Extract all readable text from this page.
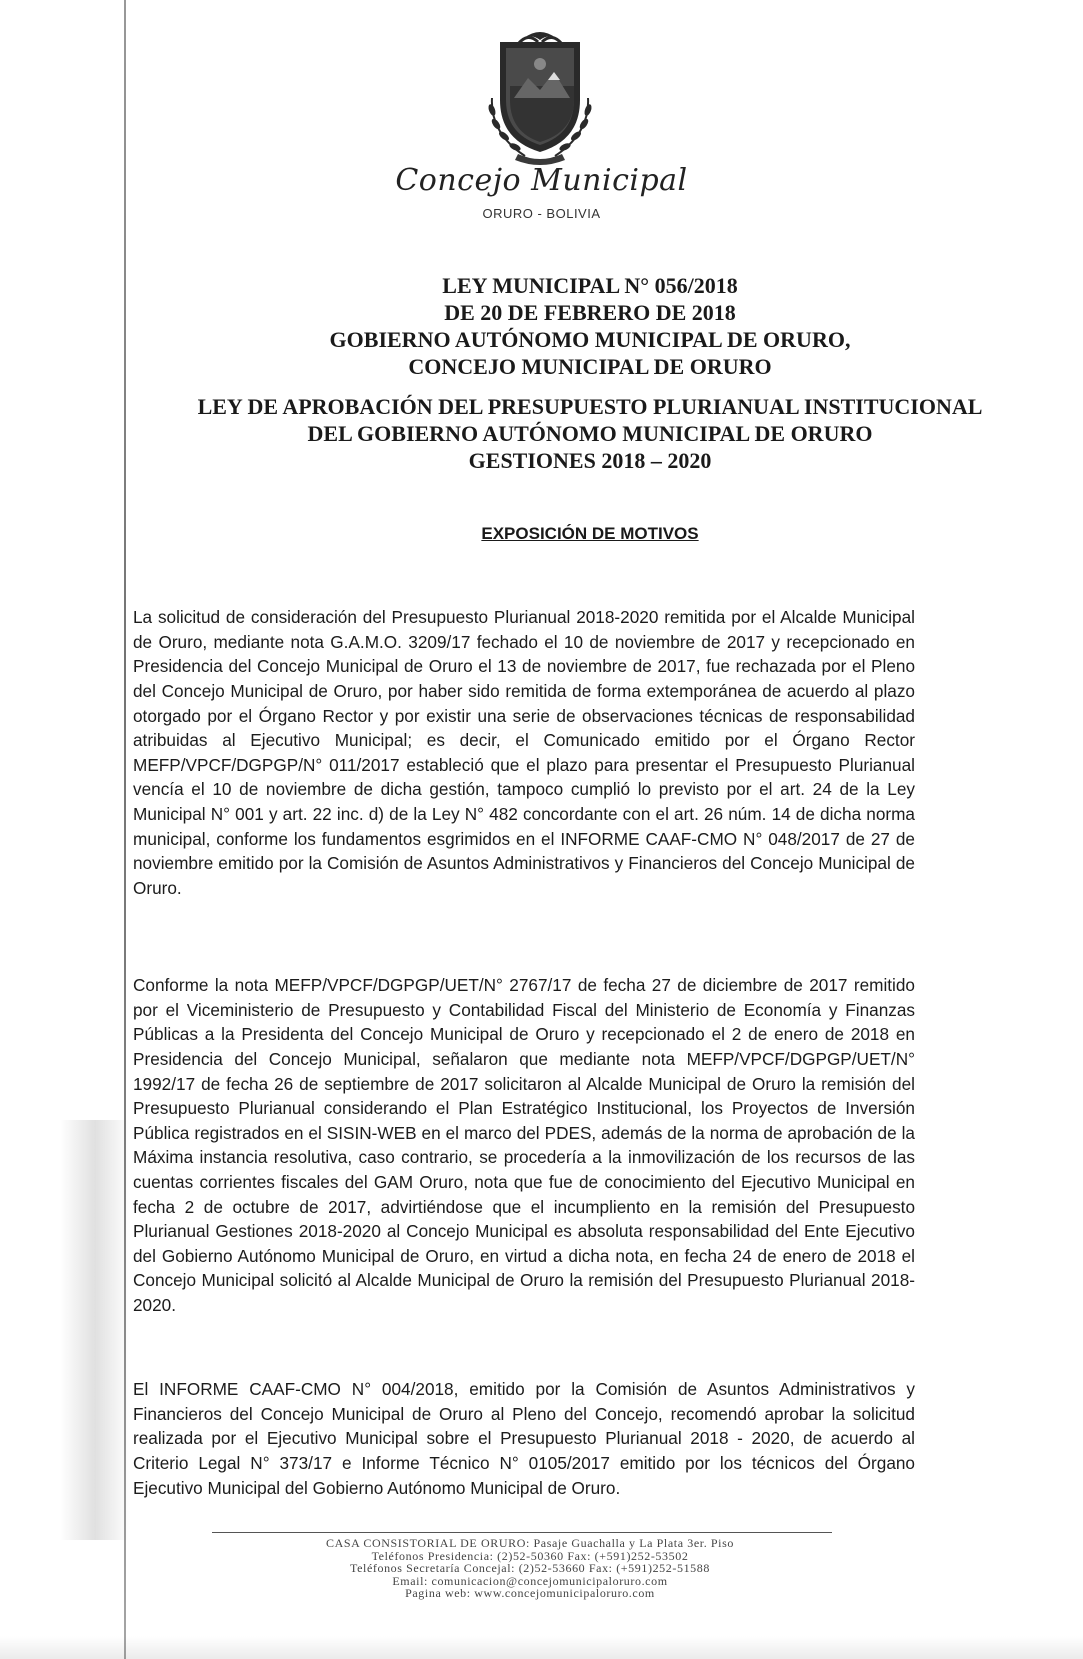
Concejo Municipal
ORURO - BOLIVIA
LEY MUNICIPAL N° 056/2018
DE 20 DE FEBRERO DE 2018
GOBIERNO AUTÓNOMO MUNICIPAL DE ORURO,
CONCEJO MUNICIPAL DE ORURO
LEY DE APROBACIÓN DEL PRESUPUESTO PLURIANUAL INSTITUCIONAL
DEL GOBIERNO AUTÓNOMO MUNICIPAL DE ORURO
GESTIONES 2018 – 2020
EXPOSICIÓN DE MOTIVOS

La solicitud de consideración del Presupuesto Plurianual 2018-2020 remitida por el Alcalde Municipal de Oruro, mediante nota G.A.M.O. 3209/17 fechado el 10 de noviembre de 2017 y recepcionado en Presidencia del Concejo Municipal de Oruro el 13 de noviembre de 2017, fue rechazada por el Pleno del Concejo Municipal de Oruro, por haber sido remitida de forma extemporánea de acuerdo al plazo otorgado por el Órgano Rector y por existir una serie de observaciones técnicas de responsabilidad atribuidas al Ejecutivo Municipal; es decir, el Comunicado emitido por el Órgano Rector MEFP/VPCF/DGPGP/N° 011/2017 estableció que el plazo para presentar el Presupuesto Plurianual vencía el 10 de noviembre de dicha gestión, tampoco cumplió lo previsto por el art. 24 de la Ley Municipal N° 001 y art. 22 inc. d) de la Ley N° 482 concordante con el art. 26 núm. 14 de dicha norma municipal, conforme los fundamentos esgrimidos en el INFORME CAAF-CMO N° 048/2017 de 27 de noviembre emitido por la Comisión de Asuntos Administrativos y Financieros del Concejo Municipal de Oruro.

Conforme la nota MEFP/VPCF/DGPGP/UET/N° 2767/17 de fecha 27 de diciembre de 2017 remitido por el Viceministerio de Presupuesto y Contabilidad Fiscal del Ministerio de Economía y Finanzas Públicas a la Presidenta del Concejo Municipal de Oruro y recepcionado el 2 de enero de 2018 en Presidencia del Concejo Municipal, señalaron que mediante nota MEFP/VPCF/DGPGP/UET/N° 1992/17 de fecha 26 de septiembre de 2017 solicitaron al Alcalde Municipal de Oruro la remisión del Presupuesto Plurianual considerando el Plan Estratégico Institucional, los Proyectos de Inversión Pública registrados en el SISIN-WEB en el marco del PDES, además de la norma de aprobación de la Máxima instancia resolutiva, caso contrario, se procedería a la inmovilización de los recursos de las cuentas corrientes fiscales del GAM Oruro, nota que fue de conocimiento del Ejecutivo Municipal en fecha 2 de octubre de 2017, advirtiéndose que el incumpliento en la remisión del Presupuesto Plurianual Gestiones 2018-2020 al Concejo Municipal es absoluta responsabilidad del Ente Ejecutivo del Gobierno Autónomo Municipal de Oruro, en virtud a dicha nota, en fecha 24 de enero de 2018 el Concejo Municipal solicitó al Alcalde Municipal de Oruro la remisión del Presupuesto Plurianual 2018-2020.

El INFORME CAAF-CMO N° 004/2018, emitido por la Comisión de Asuntos Administrativos y Financieros del Concejo Municipal de Oruro al Pleno del Concejo, recomendó aprobar la solicitud realizada por el Ejecutivo Municipal sobre el Presupuesto Plurianual 2018 - 2020, de acuerdo al Criterio Legal N° 373/17 e Informe Técnico N° 0105/2017 emitido por los técnicos del Órgano Ejecutivo Municipal del Gobierno Autónomo Municipal de Oruro.

CASA CONSISTORIAL DE ORURO: Pasaje Guachalla y La Plata 3er. Piso
Teléfonos Presidencia: (2)52-50360 Fax: (+591)252-53502
Teléfonos Secretaría Concejal: (2)52-53660 Fax: (+591)252-51588
Email: comunicacion@concejomunicipaloruro.com
Pagina web: www.concejomunicipaloruro.com
